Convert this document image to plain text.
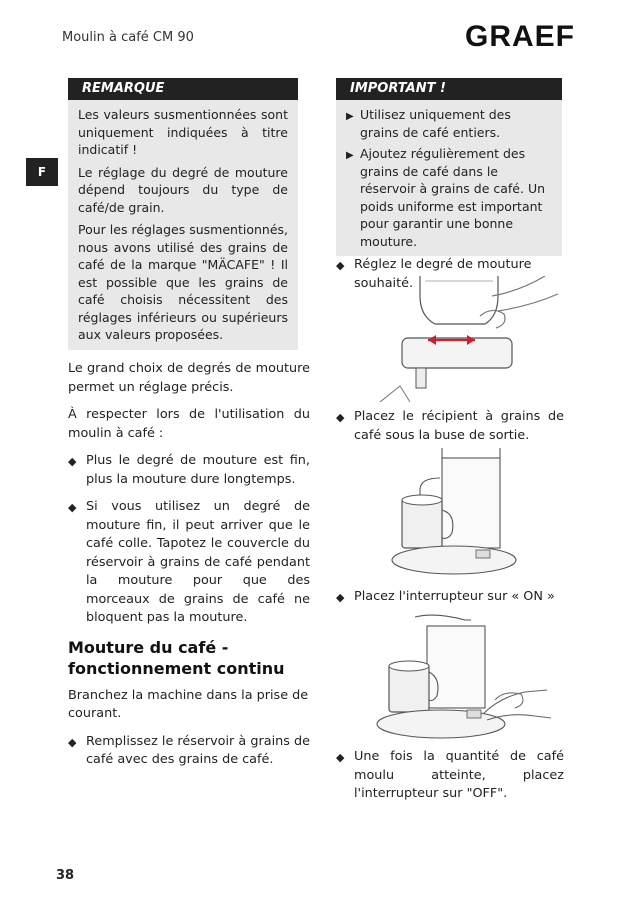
Moulin à café CM 90	GRAEF
F
REMARQUE

Les valeurs susmentionnées sont uniquement indiquées à titre indicatif !

Le réglage du degré de mouture dépend toujours du type de café/de grain.

Pour les réglages susmentionnés, nous avons utilisé des grains de café de la marque "MÄCAFE" ! Il est possible que les grains de café choisis nécessitent des réglages inférieurs ou supérieurs aux valeurs proposées.

Le grand choix de degrés de mouture permet un réglage précis.

À respecter lors de l'utilisation du moulin à café :

◆ Plus le degré de mouture est fin, plus la mouture dure longtemps.
◆ Si vous utilisez un degré de mouture fin, il peut arriver que le café colle. Tapotez le couvercle du réservoir à grains de café pendant la mouture pour que des morceaux de grains de café ne bloquent pas la mouture.
Mouture du café - fonctionnement continu

Branchez la machine dans la prise de courant.

◆ Remplissez le réservoir à grains de café avec des grains de café.
IMPORTANT !
▶ Utilisez uniquement des grains de café entiers.
▶ Ajoutez régulièrement des grains de café dans le réservoir à grains de café. Un poids uniforme est important pour garantir une bonne mouture.
◆ Réglez le degré de mouture souhaité.
◆ Placez le récipient à grains de café sous la buse de sortie.
◆ Placez l'interrupteur sur « ON »
◆ Une fois la quantité de café moulu atteinte, placez l'interrupteur sur "OFF".
38
